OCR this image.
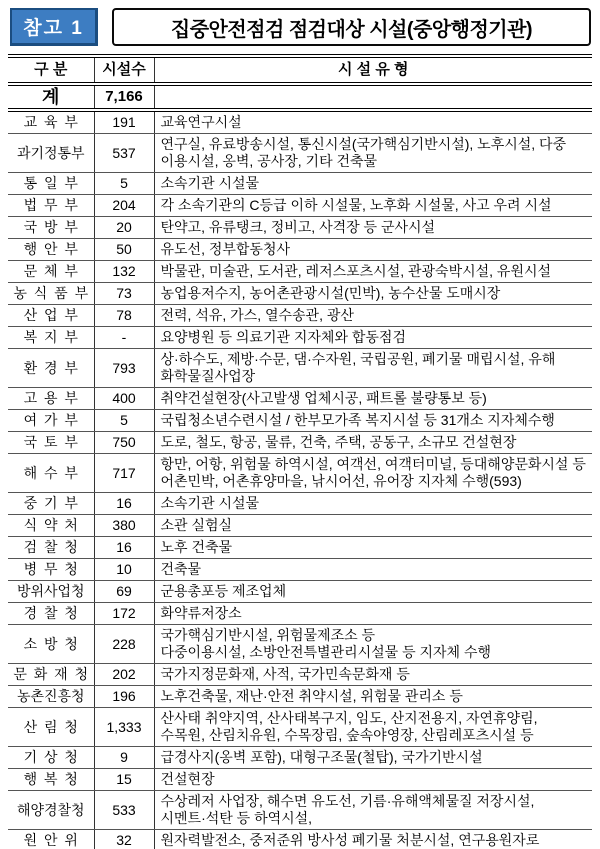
참고 1	집중안전점검 점검대상 시설(중앙행정기관)
구 분	시설수	시 설 유 형
계	7,166	
교 육 부	191	교육연구시설
과기정통부	537	연구실, 유료방송시설, 통신시설(국가핵심기반시설), 노후시설, 다중
이용시설, 옹벽, 공사장, 기타 건축물
통 일 부	5	소속기관 시설물
법 무 부	204	각 소속기관의 C등급 이하 시설물, 노후화 시설물, 사고 우려 시설
국 방 부	20	탄약고, 유류탱크, 정비고, 사격장 등 군사시설
행 안 부	50	유도선, 정부합동청사
문 체 부	132	박물관, 미술관, 도서관, 레저스포츠시설, 관광숙박시설, 유원시설
농 식 품 부	73	농업용저수지, 농어촌관광시설(민박), 농수산물 도매시장
산 업 부	78	전력, 석유, 가스, 열수송관, 광산
복 지 부	-	요양병원 등 의료기관 지자체와 합동점검
환 경 부	793	상·하수도, 제방·수문, 댐·수자원, 국립공원, 폐기물 매립시설, 유해
화학물질사업장
고 용 부	400	취약건설현장(사고발생 업체시공, 패트롤 불량통보 등)
여 가 부	5	국립청소년수련시설 / 한부모가족 복지시설 등 31개소 지자체수행
국 토 부	750	도로, 철도, 항공, 물류, 건축, 주택, 공동구, 소규모 건설현장
해 수 부	717	항만, 어항, 위험물 하역시설, 여객선, 여객터미널, 등대해양문화시설 등
어촌민박, 어촌휴양마을, 낚시어선, 유어장 지자체 수행(593)
중 기 부	16	소속기관 시설물
식 약 처	380	소관 실험실
검 찰 청	16	노후 건축물
병 무 청	10	건축물
방위사업청	69	군용총포등 제조업체
경 찰 청	172	화약류저장소
소 방 청	228	국가핵심기반시설, 위험물제조소 등
다중이용시설, 소방안전특별관리시설물 등 지자체 수행
문 화 재 청	202	국가지정문화재, 사적, 국가민속문화재 등
농촌진흥청	196	노후건축물, 재난·안전 취약시설, 위험물 관리소 등
산 림 청	1,333	산사태 취약지역, 산사태복구지, 임도, 산지전용지, 자연휴양림,
수목원, 산림치유원, 수목장림, 숲속야영장, 산림레포츠시설 등
기 상 청	9	급경사지(옹벽 포함), 대형구조물(철탑), 국가기반시설
행 복 청	15	건설현장
해양경찰청	533	수상레저 사업장, 해수면 유도선, 기름·유해액체물질 저장시설,
시멘트·석탄 등 하역시설,
원 안 위	32	원자력발전소, 중저준위 방사성 폐기물 처분시설, 연구용원자로
